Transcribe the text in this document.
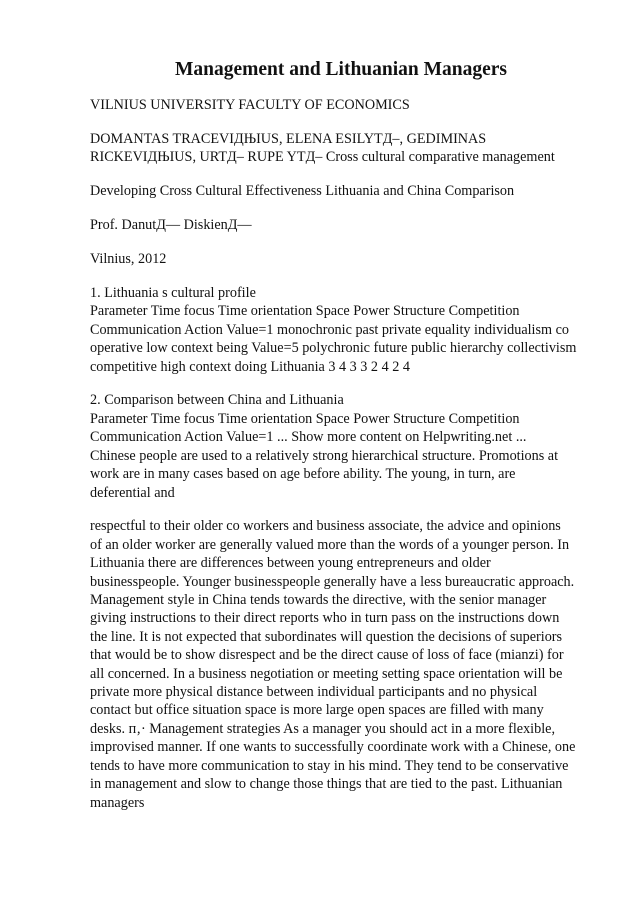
Management and Lithuanian Managers

VILNIUS UNIVERSITY FACULTY OF ECONOMICS

DOMANTAS TRACEVIДЊIUS, ELENA ESILYTД–, GEDIMINAS
RICKEVIДЊIUS, URTД– RUPE YTД– Cross cultural comparative management

Developing Cross Cultural Effectiveness Lithuania and China Comparison

Prof. DanutД— DiskienД—

Vilnius, 2012

1. Lithuania s cultural profile
Parameter Time focus Time orientation Space Power Structure Competition
Communication Action Value=1 monochronic past private equality individualism co
operative low context being Value=5 polychronic future public hierarchy collectivism
competitive high context doing Lithuania 3 4 3 3 2 4 2 4
2. Comparison between China and Lithuania
Parameter Time focus Time orientation Space Power Structure Competition
Communication Action Value=1 ... Show more content on Helpwriting.net ...
Chinese people are used to a relatively strong hierarchical structure. Promotions at
work are in many cases based on age before ability. The young, in turn, are
deferential and
respectful to their older co workers and business associate, the advice and opinions
of an older worker are generally valued more than the words of a younger person. In
Lithuania there are differences between young entrepreneurs and older
businesspeople. Younger businesspeople generally have a less bureaucratic approach.
Management style in China tends towards the directive, with the senior manager
giving instructions to their direct reports who in turn pass on the instructions down
the line. It is not expected that subordinates will question the decisions of superiors
that would be to show disrespect and be the direct cause of loss of face (mianzi) for
all concerned. In a business negotiation or meeting setting space orientation will be
private more physical distance between individual participants and no physical
contact but office situation space is more large open spaces are filled with many
desks. п‚· Management strategies As a manager you should act in a more flexible,
improvised manner. If one wants to successfully coordinate work with a Chinese, one
tends to have more communication to stay in his mind. They tend to be conservative
in management and slow to change those things that are tied to the past. Lithuanian
managers
